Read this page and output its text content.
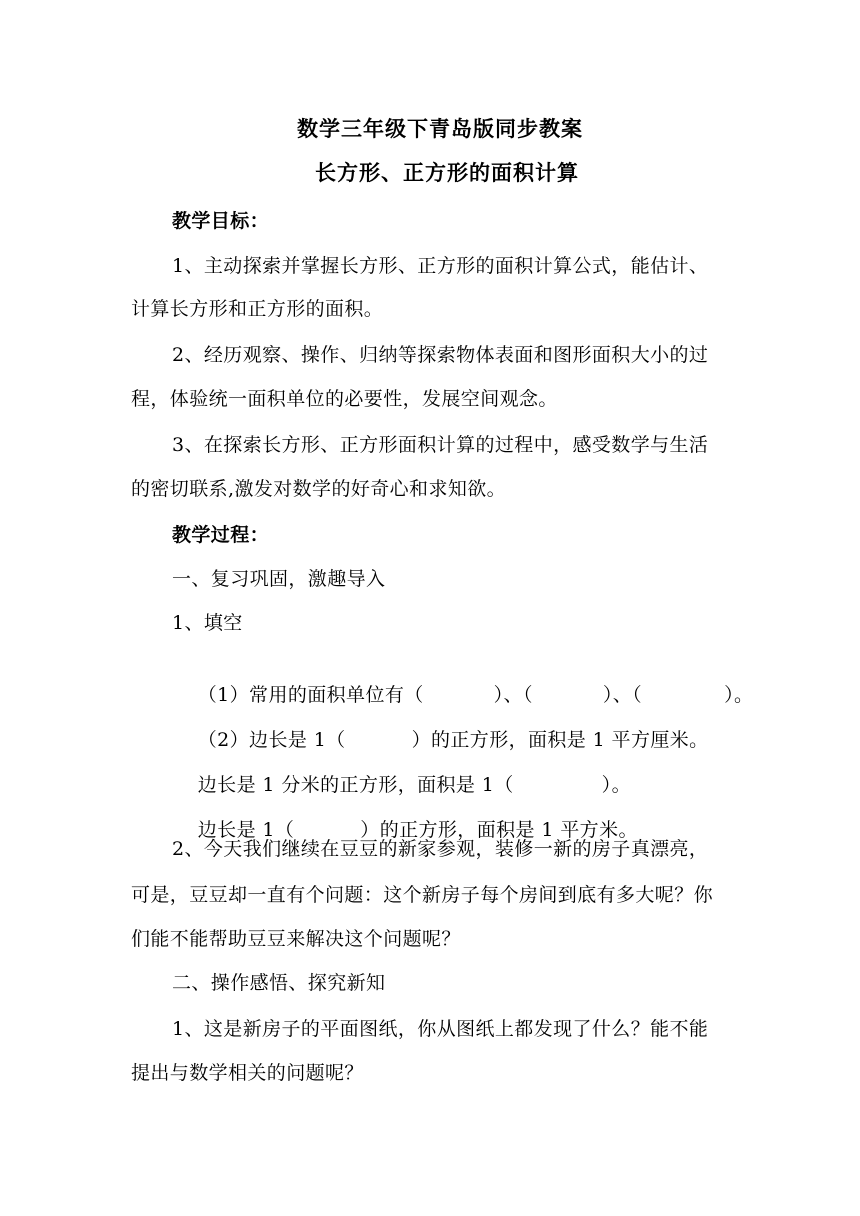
数学三年级下青岛版同步教案
长方形、正方形的面积计算
教学目标：
1、主动探索并掌握长方形、正方形的面积计算公式，能估计、
计算长方形和正方形的面积。
2、经历观察、操作、归纳等探索物体表面和图形面积大小的过
程，体验统一面积单位的必要性，发展空间观念。
3、在探索长方形、正方形面积计算的过程中，感受数学与生活
的密切联系,激发对数学的好奇心和求知欲。
教学过程：
一、复习巩固，激趣导入
1、填空

（1）常用的面积单位有（	）、（	）、（	）。

（2）边长是 1（	）的正方形，面积是 1 平方厘米。

边长是 1 分米的正方形，面积是 1（	）。

边长是 1（	）的正方形，面积是 1 平方米。

2、今天我们继续在豆豆的新家参观，装修一新的房子真漂亮，
可是，豆豆却一直有个问题：这个新房子每个房间到底有多大呢？你
们能不能帮助豆豆来解决这个问题呢？
二、操作感悟、探究新知
1、这是新房子的平面图纸，你从图纸上都发现了什么？能不能
提出与数学相关的问题呢？
